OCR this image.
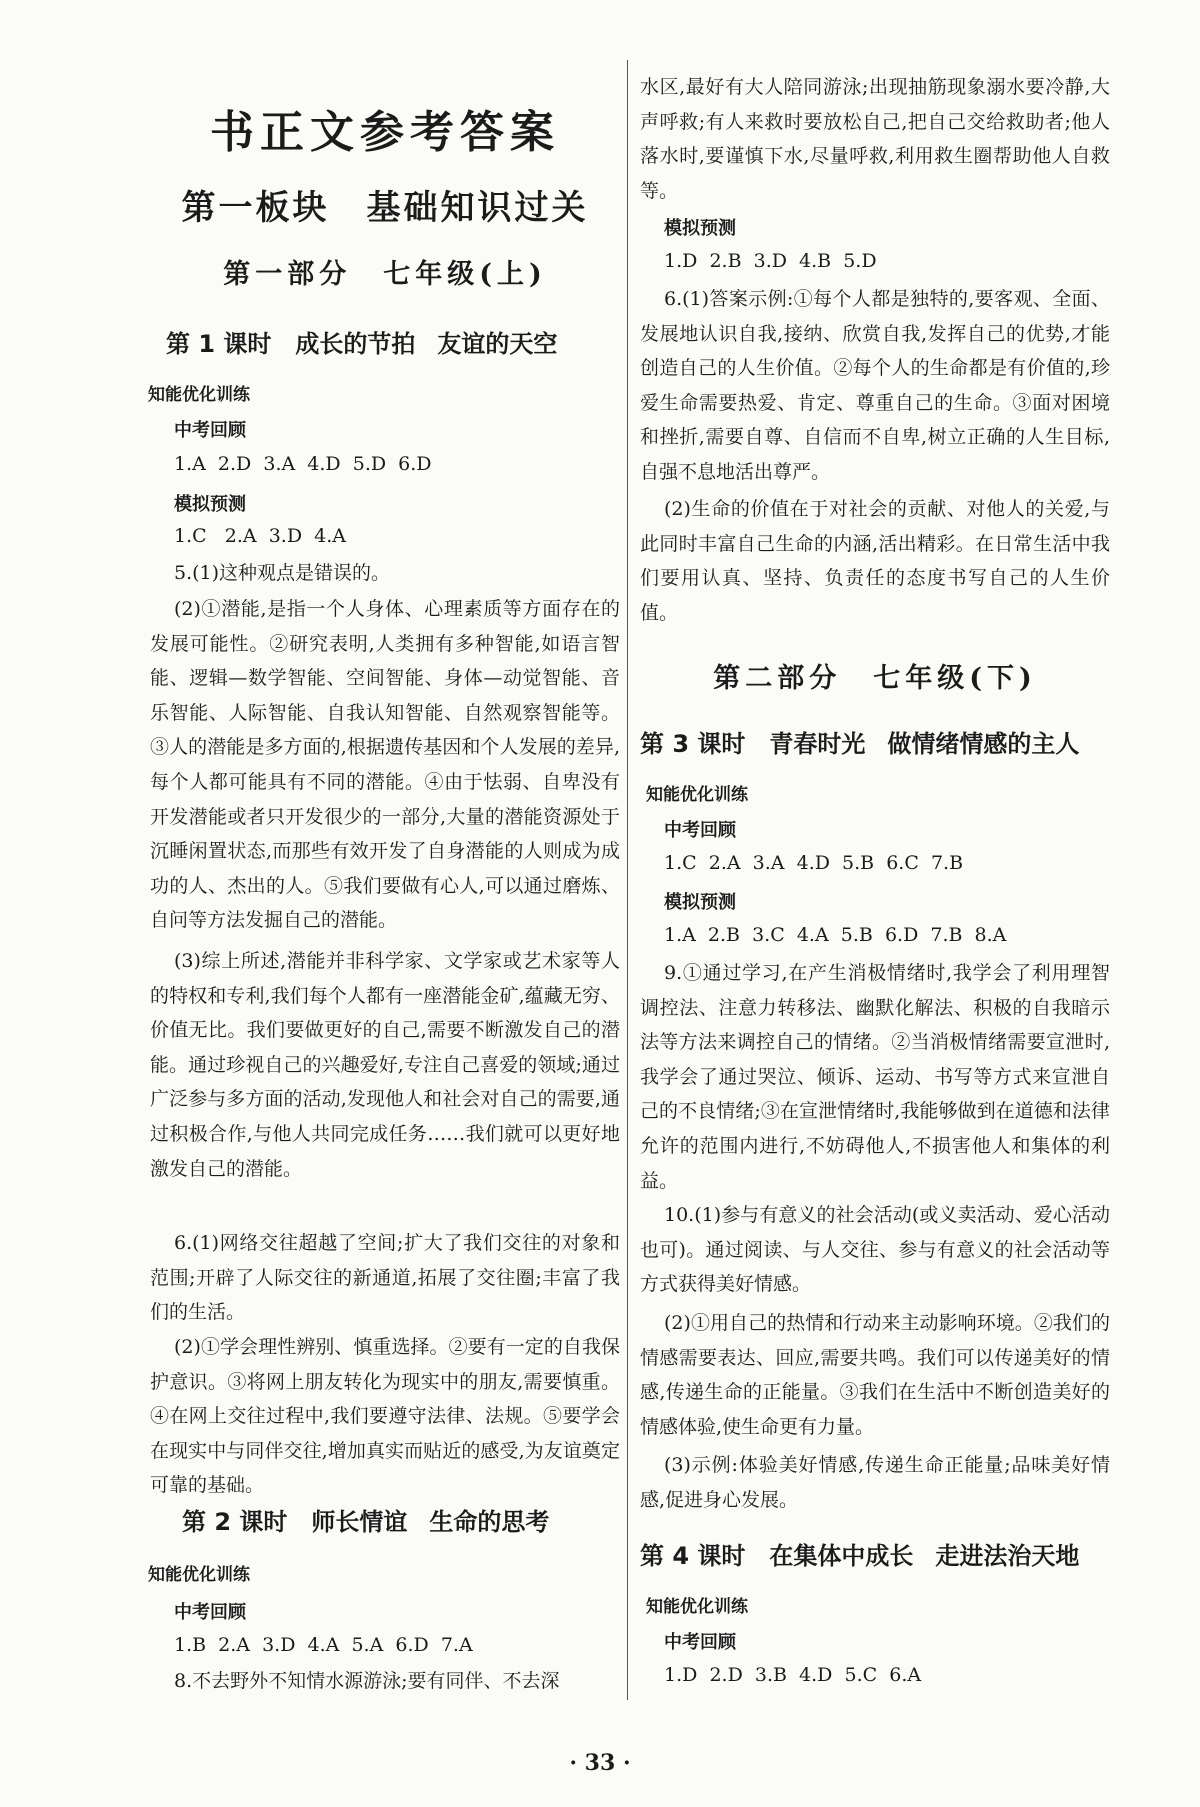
书正文参考答案
第一板块　基础知识过关
第一部分　七年级(上)
第 1 课时　成长的节拍 友谊的天空
知能优化训练
中考回顾
1.A  2.D  3.A  4.D  5.D  6.D
模拟预测
1.C   2.A  3.D  4.A

5.(1)这种观点是错误的。

(2)①潜能,是指一个人身体、心理素质等方面存在的发展可能性。②研究表明,人类拥有多种智能,如语言智能、逻辑—数学智能、空间智能、身体—动觉智能、音乐智能、人际智能、自我认知智能、自然观察智能等。③人的潜能是多方面的,根据遗传基因和个人发展的差异,每个人都可能具有不同的潜能。④由于怯弱、自卑没有开发潜能或者只开发很少的一部分,大量的潜能资源处于沉睡闲置状态,而那些有效开发了自身潜能的人则成为成功的人、杰出的人。⑤我们要做有心人,可以通过磨炼、自问等方法发掘自己的潜能。

(3)综上所述,潜能并非科学家、文学家或艺术家等人的特权和专利,我们每个人都有一座潜能金矿,蕴藏无穷、价值无比。我们要做更好的自己,需要不断激发自己的潜能。通过珍视自己的兴趣爱好,专注自己喜爱的领域;通过广泛参与多方面的活动,发现他人和社会对自己的需要,通过积极合作,与他人共同完成任务……我们就可以更好地激发自己的潜能。

6.(1)网络交往超越了空间;扩大了我们交往的对象和范围;开辟了人际交往的新通道,拓展了交往圈;丰富了我们的生活。

(2)①学会理性辨别、慎重选择。②要有一定的自我保护意识。③将网上朋友转化为现实中的朋友,需要慎重。④在网上交往过程中,我们要遵守法律、法规。⑤要学会在现实中与同伴交往,增加真实而贴近的感受,为友谊奠定可靠的基础。

第 2 课时　师长情谊 生命的思考
知能优化训练
中考回顾
1.B  2.A  3.D  4.A  5.A  6.D  7.A

8.不去野外不知情水源游泳;要有同伴、不去深

水区,最好有大人陪同游泳;出现抽筋现象溺水要冷静,大声呼救;有人来救时要放松自己,把自己交给救助者;他人落水时,要谨慎下水,尽量呼救,利用救生圈帮助他人自救等。

模拟预测
1.D  2.B  3.D  4.B  5.D

6.(1)答案示例:①每个人都是独特的,要客观、全面、发展地认识自我,接纳、欣赏自我,发挥自己的优势,才能创造自己的人生价值。②每个人的生命都是有价值的,珍爱生命需要热爱、肯定、尊重自己的生命。③面对困境和挫折,需要自尊、自信而不自卑,树立正确的人生目标,自强不息地活出尊严。

(2)生命的价值在于对社会的贡献、对他人的关爱,与此同时丰富自己生命的内涵,活出精彩。在日常生活中我们要用认真、坚持、负责任的态度书写自己的人生价值。

第二部分　七年级(下)
第 3 课时　青春时光 做情绪情感的主人
知能优化训练
中考回顾
1.C  2.A  3.A  4.D  5.B  6.C  7.B
模拟预测
1.A  2.B  3.C  4.A  5.B  6.D  7.B  8.A

9.①通过学习,在产生消极情绪时,我学会了利用理智调控法、注意力转移法、幽默化解法、积极的自我暗示法等方法来调控自己的情绪。②当消极情绪需要宣泄时,我学会了通过哭泣、倾诉、运动、书写等方式来宣泄自己的不良情绪;③在宣泄情绪时,我能够做到在道德和法律允许的范围内进行,不妨碍他人,不损害他人和集体的利益。

10.(1)参与有意义的社会活动(或义卖活动、爱心活动也可)。通过阅读、与人交往、参与有意义的社会活动等方式获得美好情感。

(2)①用自己的热情和行动来主动影响环境。②我们的情感需要表达、回应,需要共鸣。我们可以传递美好的情感,传递生命的正能量。③我们在生活中不断创造美好的情感体验,使生命更有力量。

(3)示例:体验美好情感,传递生命正能量;品味美好情感,促进身心发展。

第 4 课时　在集体中成长 走进法治天地
知能优化训练
中考回顾
1.D  2.D  3.B  4.D  5.C  6.A
· 33 ·
